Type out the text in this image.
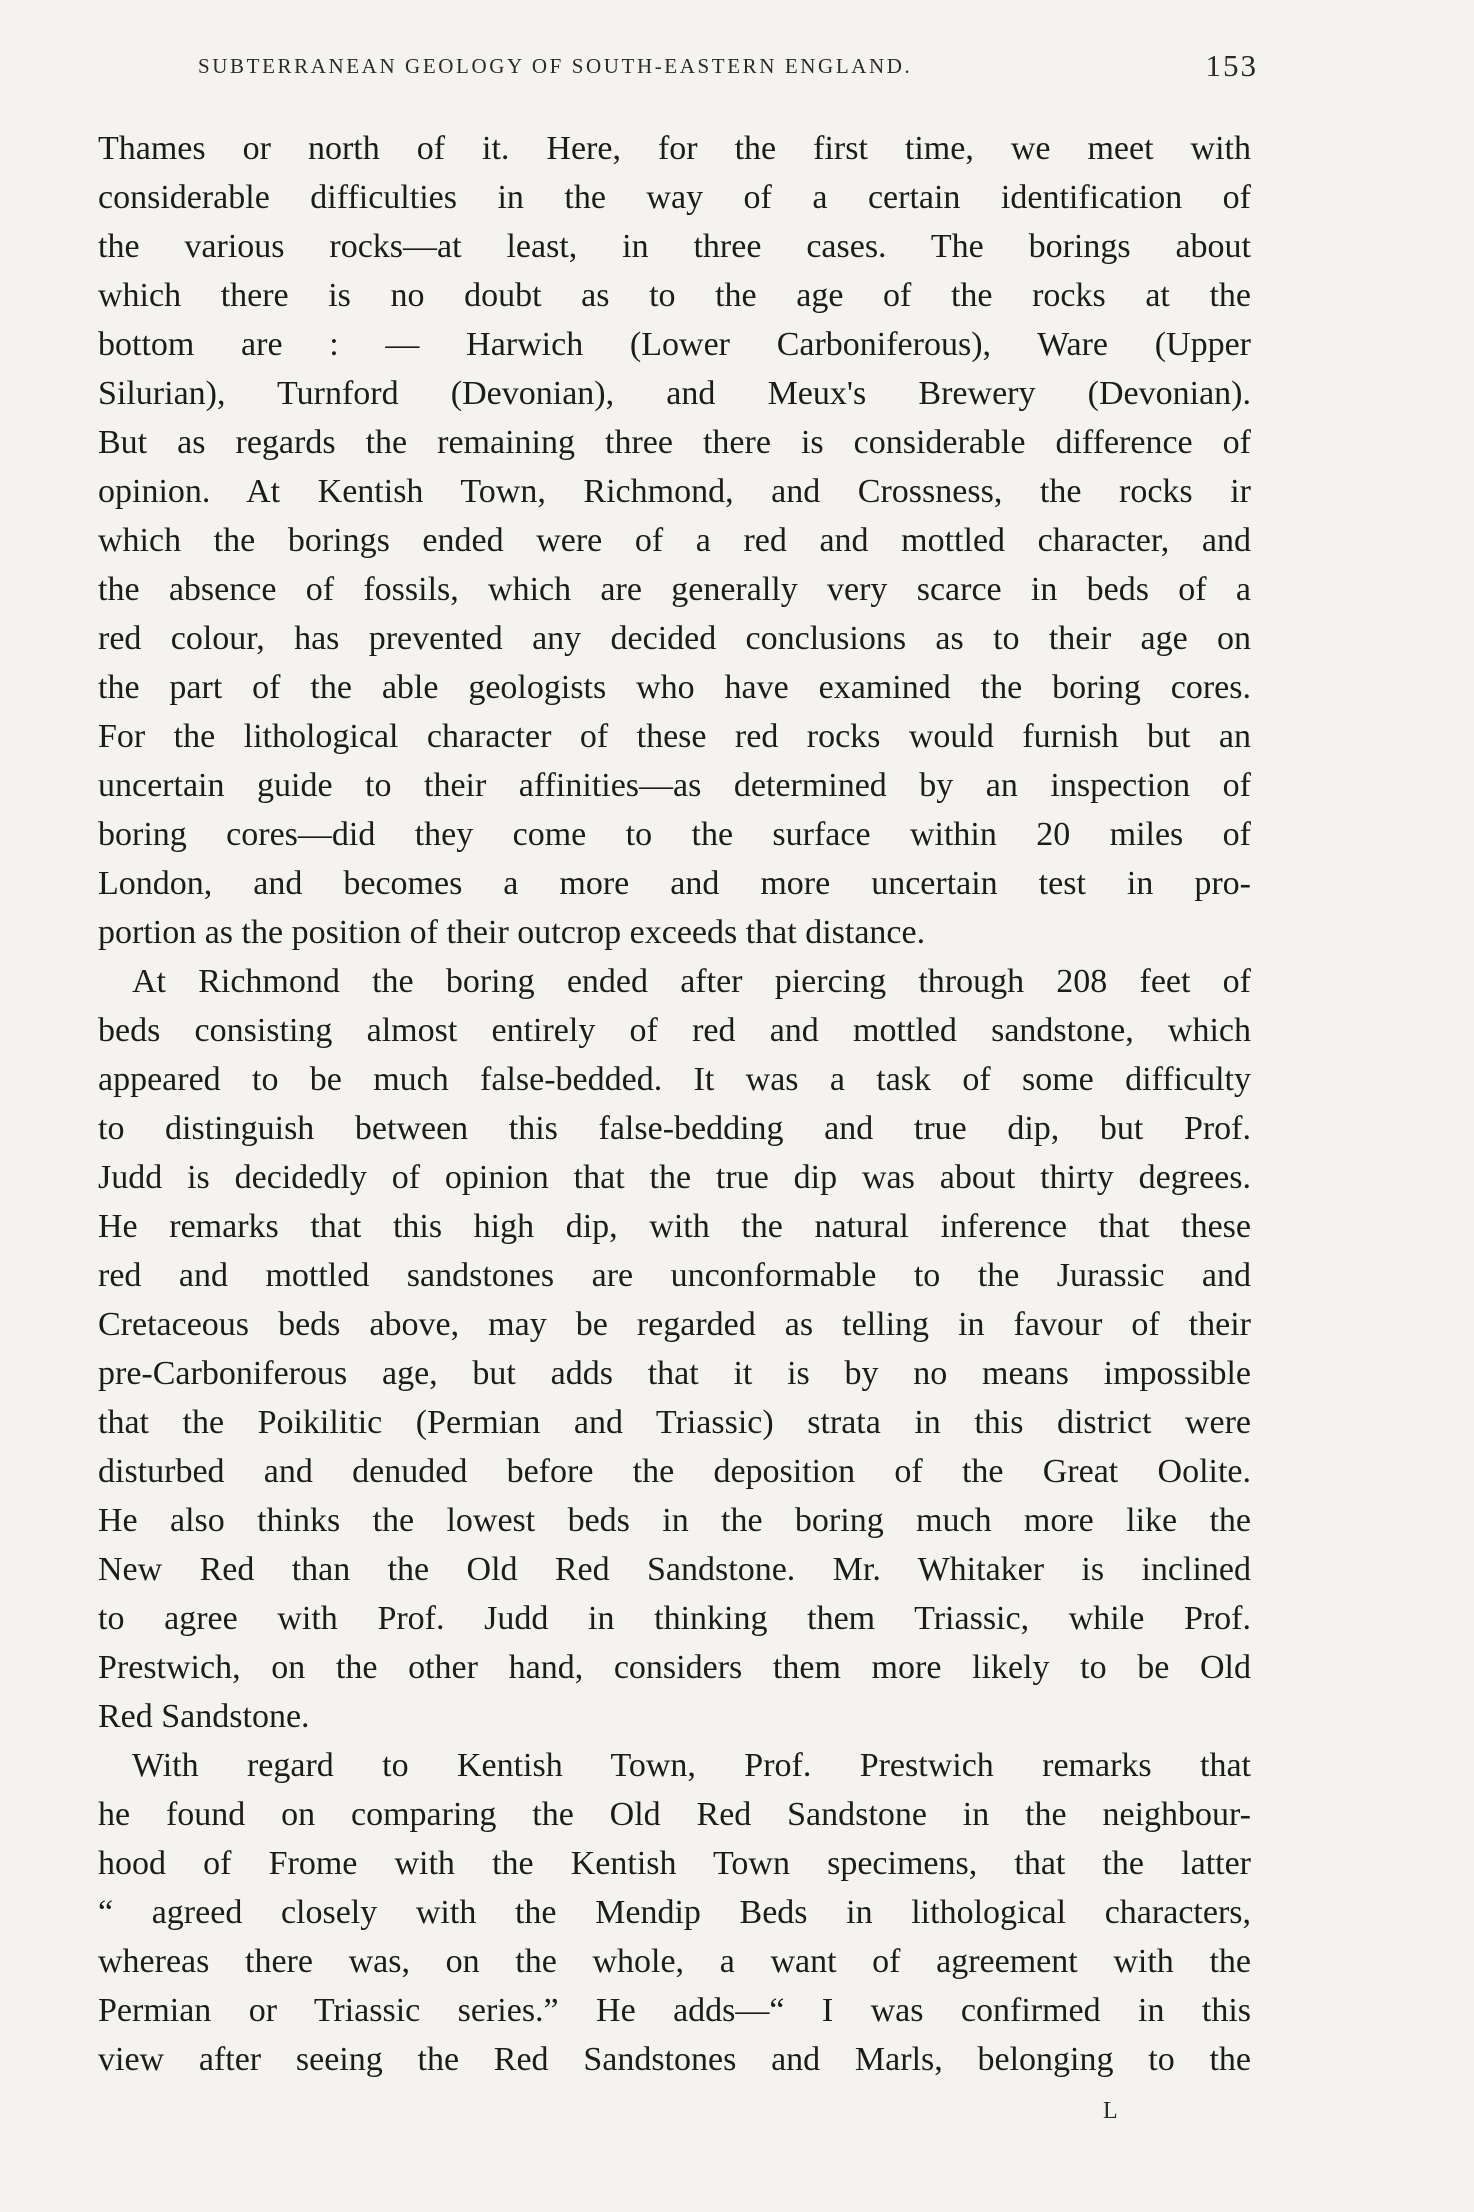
SUBTERRANEAN GEOLOGY OF SOUTH-EASTERN ENGLAND.	153
Thames or north of it. Here, for the first time, we meet with
considerable difficulties in the way of a certain identification of
the various rocks—at least, in three cases. The borings about
which there is no doubt as to the age of the rocks at the
bottom are : — Harwich (Lower Carboniferous), Ware (Upper
Silurian), Turnford (Devonian), and Meux's Brewery (Devonian).
But as regards the remaining three there is considerable difference of
opinion. At Kentish Town, Richmond, and Crossness, the rocks ir
which the borings ended were of a red and mottled character, and
the absence of fossils, which are generally very scarce in beds of a
red colour, has prevented any decided conclusions as to their age on
the part of the able geologists who have examined the boring cores.
For the lithological character of these red rocks would furnish but an
uncertain guide to their affinities—as determined by an inspection of
boring cores—did they come to the surface within 20 miles of
London, and becomes a more and more uncertain test in pro-
portion as the position of their outcrop exceeds that distance.
At Richmond the boring ended after piercing through 208 feet of
beds consisting almost entirely of red and mottled sandstone, which
appeared to be much false-bedded. It was a task of some difficulty
to distinguish between this false-bedding and true dip, but Prof.
Judd is decidedly of opinion that the true dip was about thirty degrees.
He remarks that this high dip, with the natural inference that these
red and mottled sandstones are unconformable to the Jurassic and
Cretaceous beds above, may be regarded as telling in favour of their
pre-Carboniferous age, but adds that it is by no means impossible
that the Poikilitic (Permian and Triassic) strata in this district were
disturbed and denuded before the deposition of the Great Oolite.
He also thinks the lowest beds in the boring much more like the
New Red than the Old Red Sandstone. Mr. Whitaker is inclined
to agree with Prof. Judd in thinking them Triassic, while Prof.
Prestwich, on the other hand, considers them more likely to be Old
Red Sandstone.
With regard to Kentish Town, Prof. Prestwich remarks that
he found on comparing the Old Red Sandstone in the neighbour-
hood of Frome with the Kentish Town specimens, that the latter
“ agreed closely with the Mendip Beds in lithological characters,
whereas there was, on the whole, a want of agreement with the
Permian or Triassic series.” He adds—“ I was confirmed in this
view after seeing the Red Sandstones and Marls, belonging to the
L
